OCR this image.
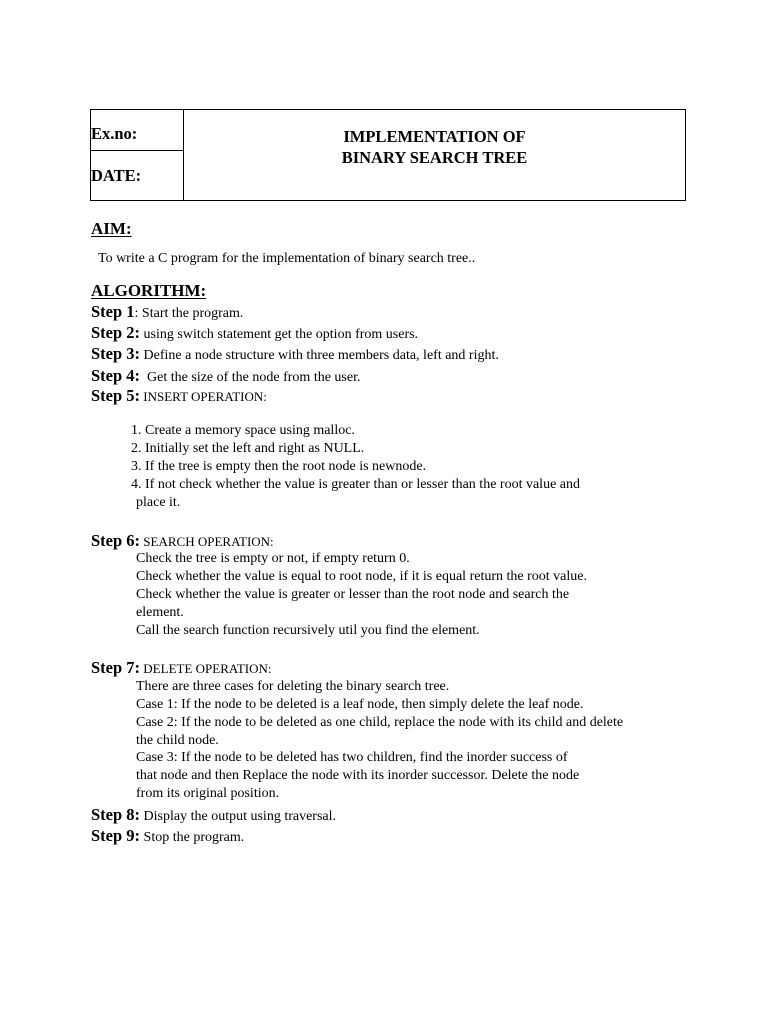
Ex.no:
DATE:
IMPLEMENTATION OF
BINARY SEARCH TREE
AIM:
To write a C program for the implementation of binary search tree..
ALGORITHM:
Step 1: Start the program.
Step 2: using switch statement get the option from users.
Step 3: Define a node structure with three members data, left and right.
Step 4:  Get the size of the node from the user.
Step 5: INSERT OPERATION:
1. Create a memory space using malloc.
2. Initially set the left and right as NULL.
3. If the tree is empty then the root node is newnode.
4. If not check whether the value is greater than or lesser than the root value and
place it.
Step 6: SEARCH OPERATION:
Check the tree is empty or not, if empty return 0.
Check whether the value is equal to root node, if it is equal return the root value.
Check whether the value is greater or lesser than the root node and search the
element.
Call the search function recursively util you find the element.
Step 7: DELETE OPERATION:
There are three cases for deleting the binary search tree.
Case 1: If the node to be deleted is a leaf node, then simply delete the leaf node.
Case 2: If the node to be deleted as one child, replace the node with its child and delete
the child node.
Case 3: If the node to be deleted has two children, find the inorder success of
that node and then Replace the node with its inorder successor. Delete the node
from its original position.
Step 8: Display the output using traversal.
Step 9: Stop the program.
